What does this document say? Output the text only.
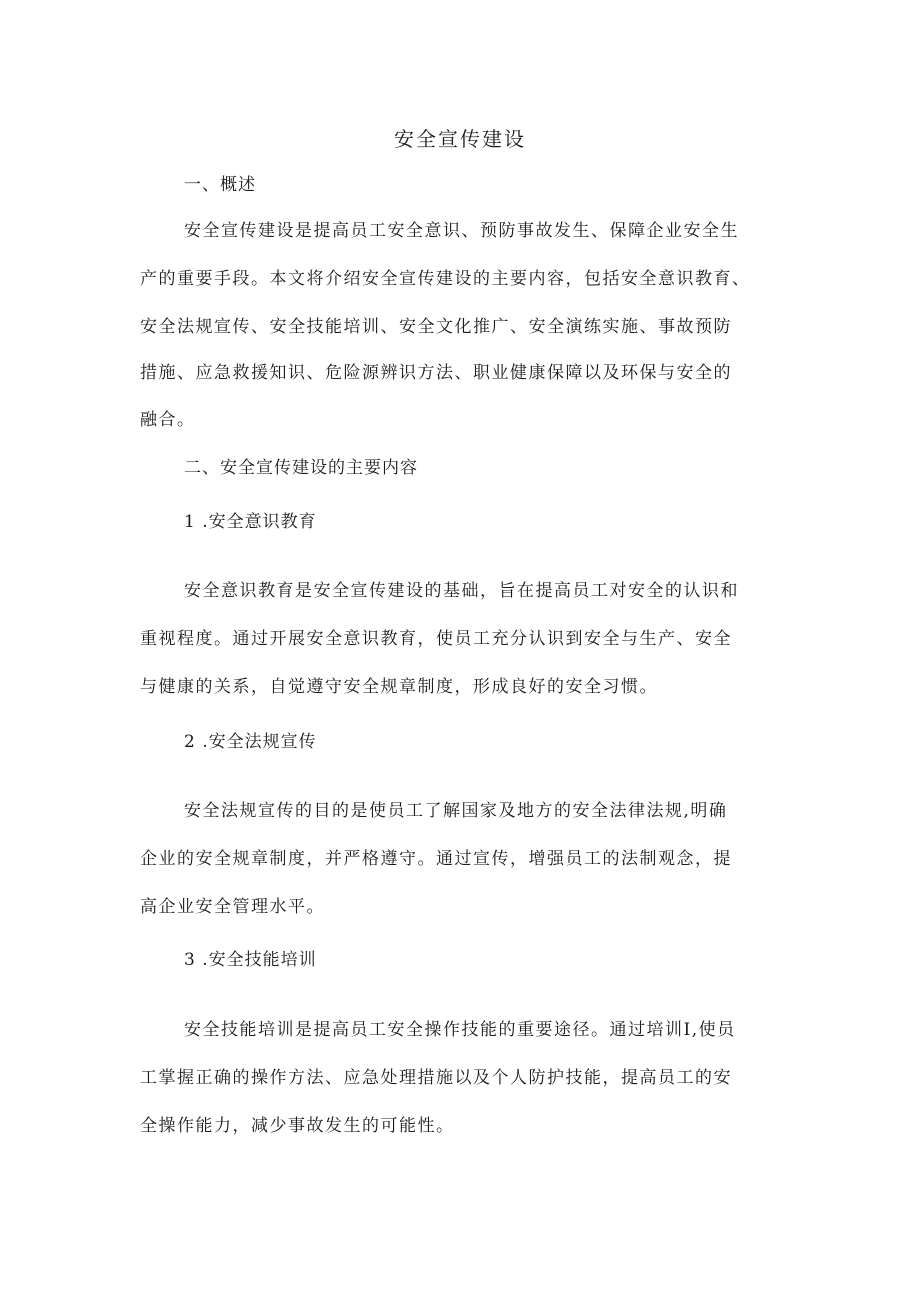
安全宣传建设
一、概述
安全宣传建设是提高员工安全意识、预防事故发生、保障企业安全生
产的重要手段。本文将介绍安全宣传建设的主要内容，包括安全意识教育、
安全法规宣传、安全技能培训、安全文化推广、安全演练实施、事故预防
措施、应急救援知识、危险源辨识方法、职业健康保障以及环保与安全的
融合。
二、安全宣传建设的主要内容
1 .安全意识教育
安全意识教育是安全宣传建设的基础，旨在提高员工对安全的认识和
重视程度。通过开展安全意识教育，使员工充分认识到安全与生产、安全
与健康的关系，自觉遵守安全规章制度，形成良好的安全习惯。
2 .安全法规宣传
安全法规宣传的目的是使员工了解国家及地方的安全法律法规,明确
企业的安全规章制度，并严格遵守。通过宣传，增强员工的法制观念，提
高企业安全管理水平。
3 .安全技能培训
安全技能培训是提高员工安全操作技能的重要途径。通过培训I,使员
工掌握正确的操作方法、应急处理措施以及个人防护技能，提高员工的安
全操作能力，减少事故发生的可能性。
